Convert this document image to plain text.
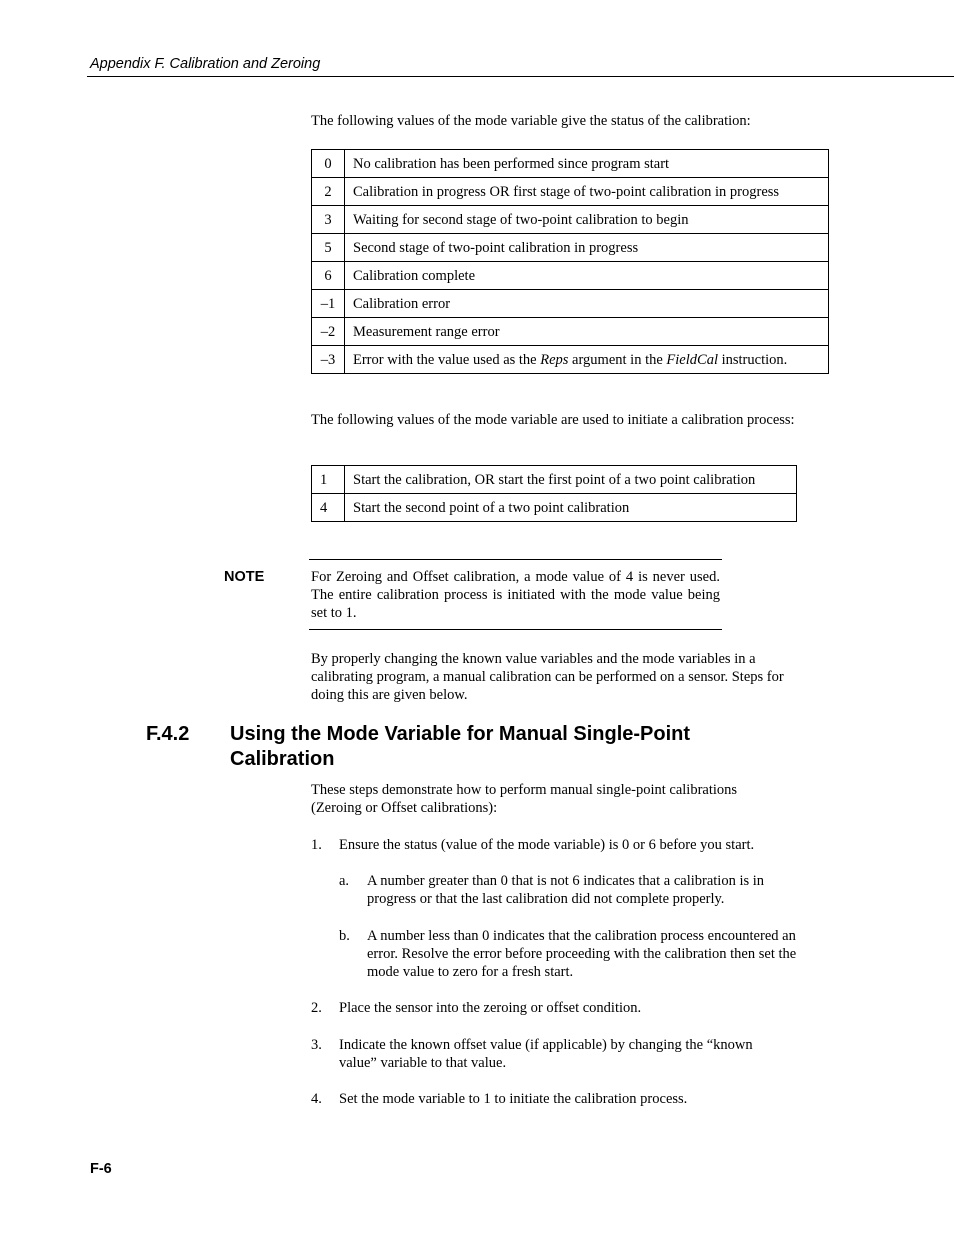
Appendix F. Calibration and Zeroing

The following values of the mode variable give the status of the calibration:

0	No calibration has been performed since program start
2	Calibration in progress OR first stage of two-point calibration in progress
3	Waiting for second stage of two-point calibration to begin
5	Second stage of two-point calibration in progress
6	Calibration complete
–1	Calibration error
–2	Measurement range error
–3	Error with the value used as the Reps argument in the FieldCal instruction.

The following values of the mode variable are used to initiate a calibration process:

1	Start the calibration, OR start the first point of a two point calibration
4	Start the second point of a two point calibration
NOTE	For Zeroing and Offset calibration, a mode value of 4 is never used. The entire calibration process is initiated with the mode value being set to 1.

By properly changing the known value variables and the mode variables in a calibrating program, a manual calibration can be performed on a sensor. Steps for doing this are given below.

F.4.2 Using the Mode Variable for Manual Single-Point
Calibration

These steps demonstrate how to perform manual single-point calibrations (Zeroing or Offset calibrations):

1. Ensure the status (value of the mode variable) is 0 or 6 before you start.
a. A number greater than 0 that is not 6 indicates that a calibration is in progress or that the last calibration did not complete properly.
b. A number less than 0 indicates that the calibration process encountered an error. Resolve the error before proceeding with the calibration then set the mode value to zero for a fresh start.
2. Place the sensor into the zeroing or offset condition.
3. Indicate the known offset value (if applicable) by changing the “known value” variable to that value.
4. Set the mode variable to 1 to initiate the calibration process.
F-6
